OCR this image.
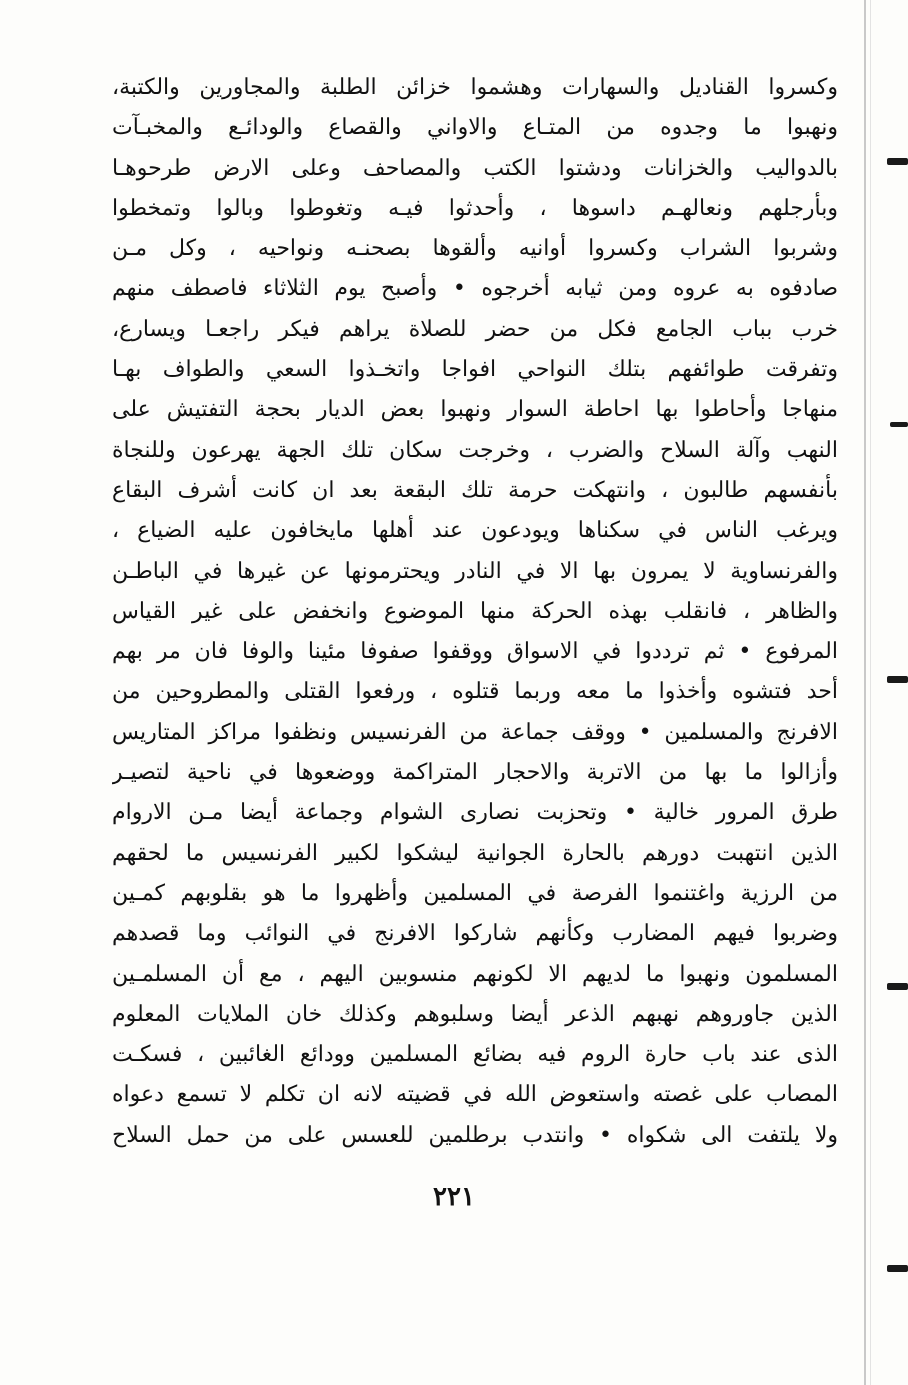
وكسروا القناديل والسهارات وهشموا خزائن الطلبة والمجاورين والكتبة،
ونهبوا ما وجدوه من المتـاع والاواني والقصاع والودائـع والمخبـآت
بالدواليب والخزانات ودشتوا الكتب والمصاحف وعلى الارض طرحوهـا
وبأرجلهم ونعالهـم داسوها ، وأحدثوا فيـه وتغوطوا وبالوا وتمخطوا
وشربوا الشراب وكسروا أوانيه وألقوها بصحنـه ونواحيه ، وكل مـن
صادفوه به عروه ومن ثيابه أخرجوه • وأصبح يوم الثلاثاء فاصطف منهم
خرب بباب الجامع فكل من حضر للصلاة يراهم فيكر راجعـا ويسارع،
وتفرقت طوائفهم بتلك النواحي افواجا واتخـذوا السعي والطواف بهـا
منهاجا وأحاطوا بها احاطة السوار ونهبوا بعض الديار بحجة التفتيش على
النهب وآلة السلاح والضرب ، وخرجت سكان تلك الجهة يهرعون وللنجاة
بأنفسهم طالبون ، وانتهكت حرمة تلك البقعة بعد ان كانت أشرف البقاع
ويرغب الناس في سكناها ويودعون عند أهلها مايخافون عليه الضياع ،
والفرنساوية لا يمرون بها الا في النادر ويحترمونها عن غيرها في الباطـن
والظاهر ، فانقلب بهذه الحركة منها الموضوع وانخفض على غير القياس
المرفوع • ثم ترددوا في الاسواق ووقفوا صفوفا مئينا والوفا فان مر بهم
أحد فتشوه وأخذوا ما معه وربما قتلوه ، ورفعوا القتلى والمطروحين من
الافرنج والمسلمين • ووقف جماعة من الفرنسيس ونظفوا مراكز المتاريس
وأزالوا ما بها من الاتربة والاحجار المتراكمة ووضعوها في ناحية لتصيـر
طرق المرور خالية • وتحزبت نصارى الشوام وجماعة أيضا مـن الاروام
الذين انتهبت دورهم بالحارة الجوانية ليشكوا لكبير الفرنسيس ما لحقهم
من الرزية واغتنموا الفرصة في المسلمين وأظهروا ما هو بقلوبهم كمـين
وضربوا فيهم المضارب وكأنهم شاركوا الافرنج في النوائب وما قصدهم
المسلمون ونهبوا ما لديهم الا لكونهم منسوبين اليهم ، مع أن المسلمـين
الذين جاوروهم نهبهم الذعر أيضا وسلبوهم وكذلك خان الملايات المعلوم
الذى عند باب حارة الروم فيه بضائع المسلمين وودائع الغائبين ، فسكـت
المصاب على غصته واستعوض الله في قضيته لانه ان تكلم لا تسمع دعواه
ولا يلتفت الى شكواه • وانتدب برطلمين للعسس على من حمل السلاح
٢٢١
